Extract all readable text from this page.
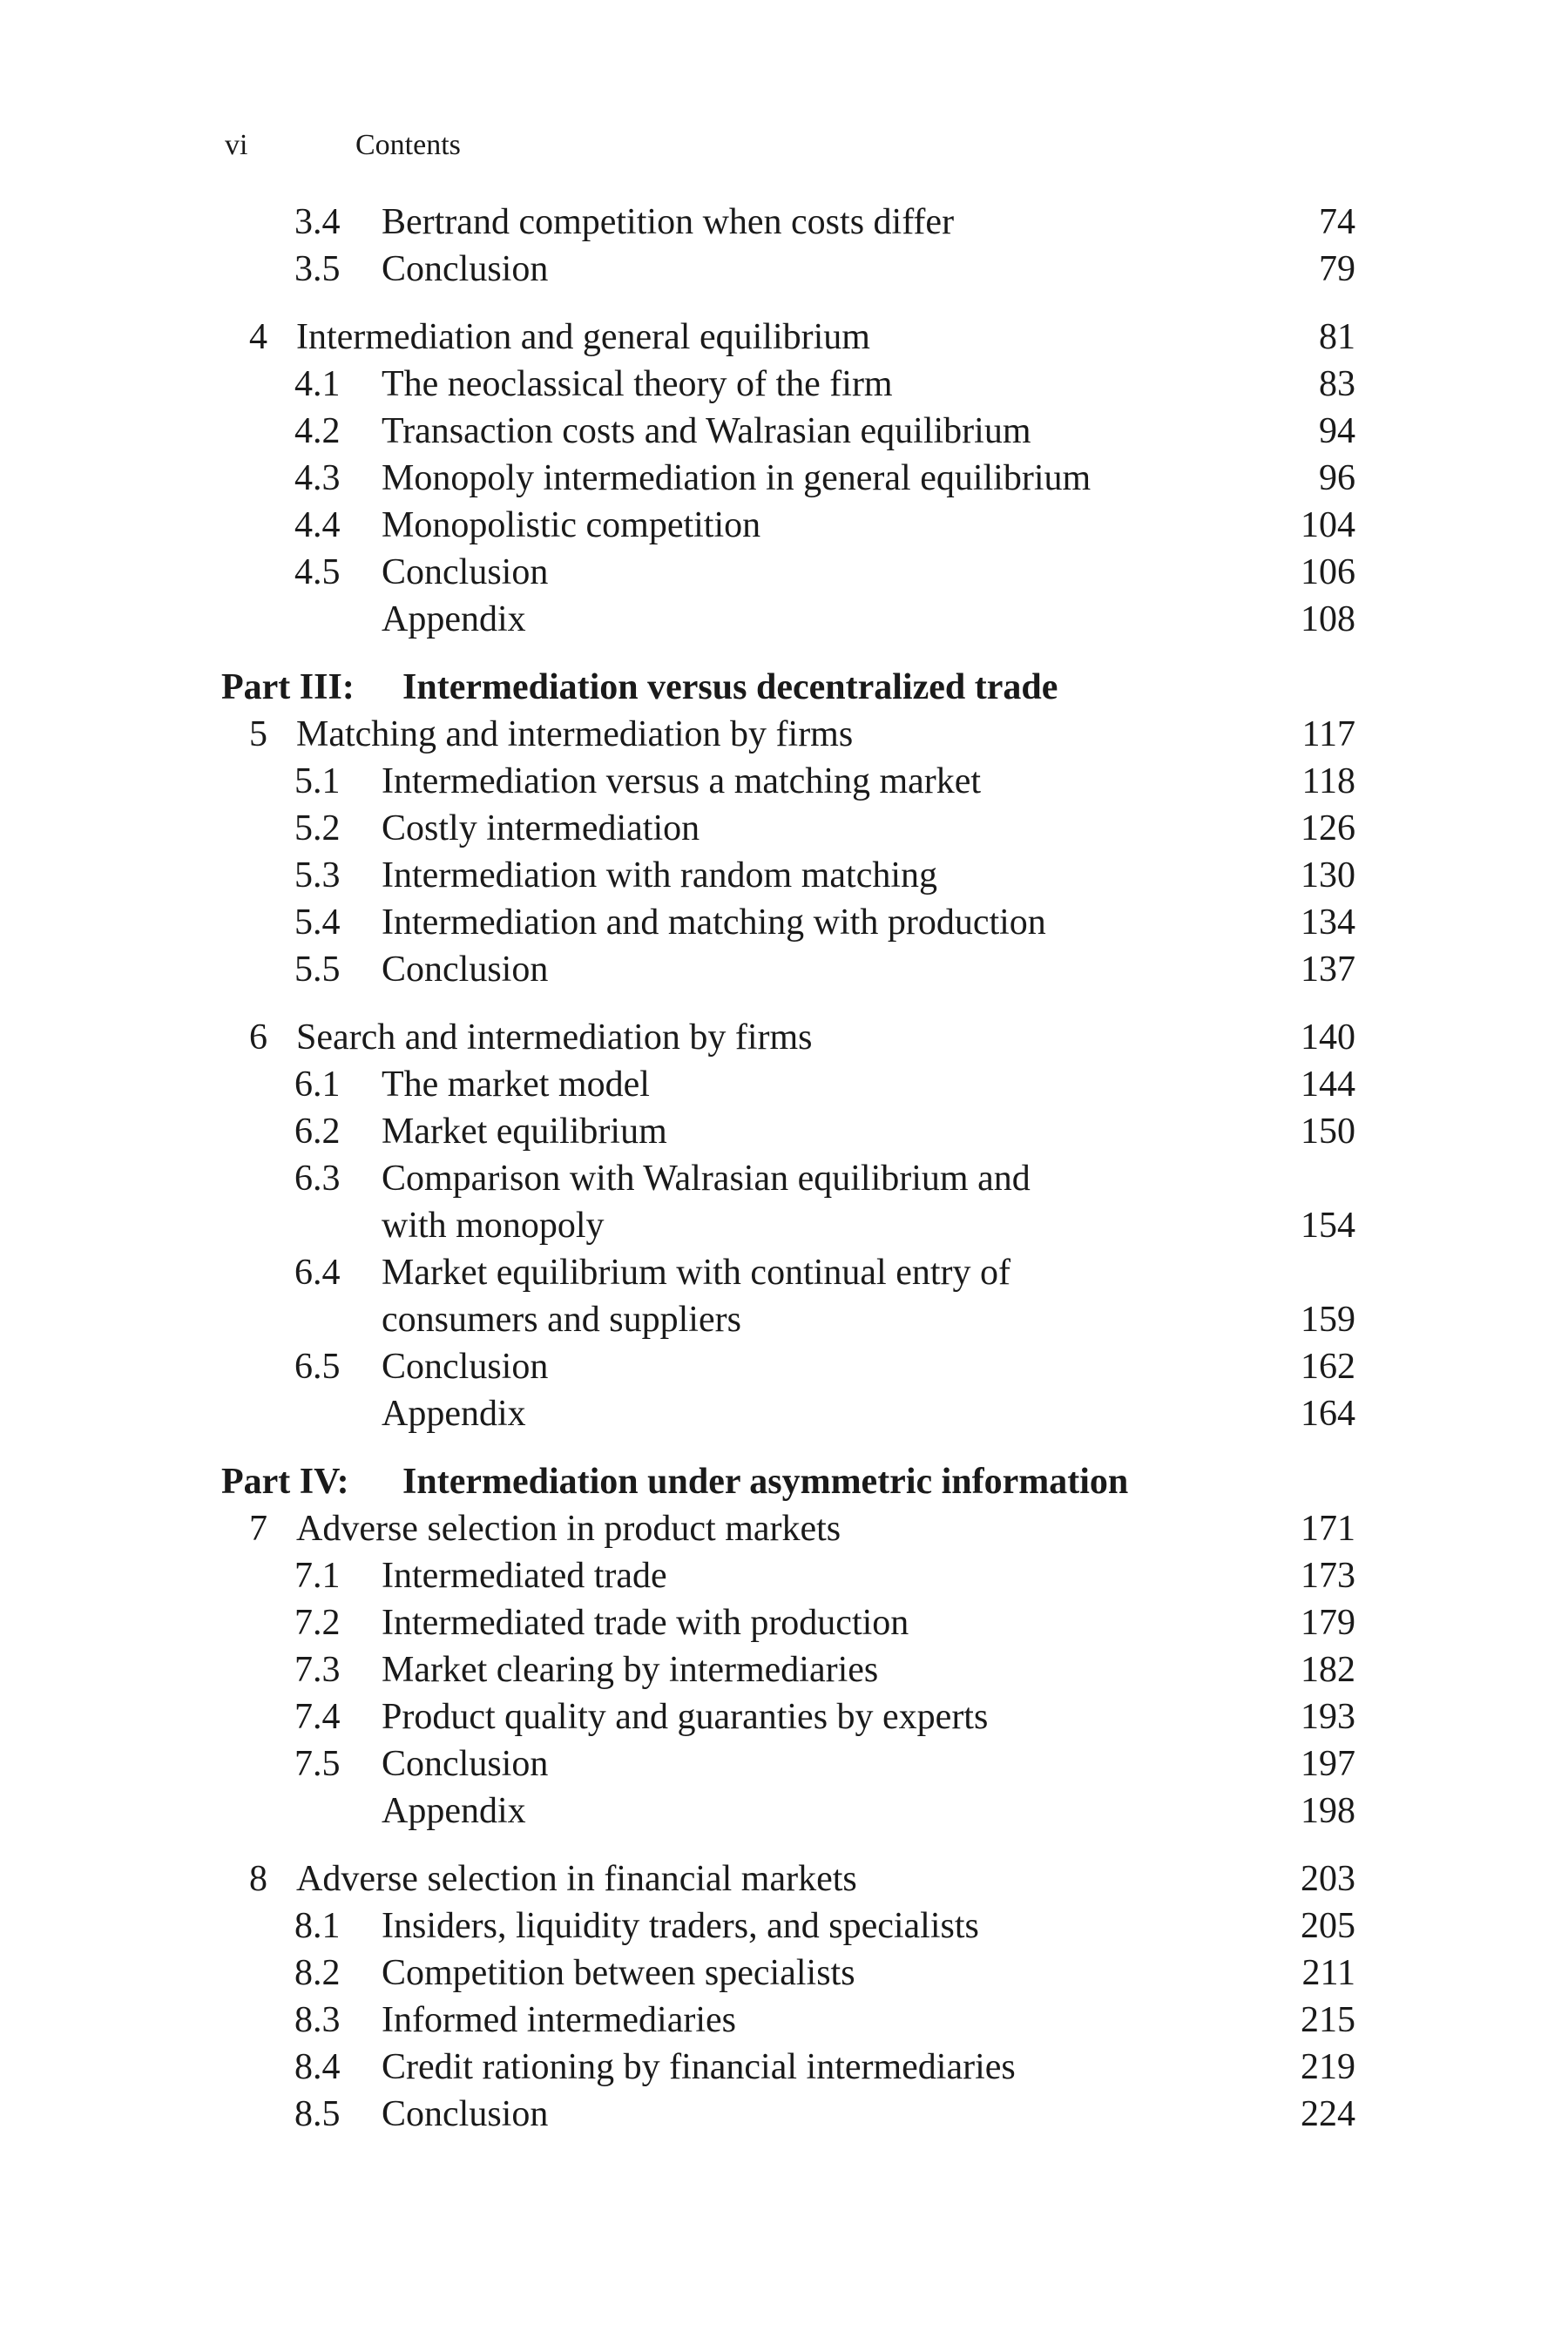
vi	Contents
3.4 Bertrand competition when costs differ	74
3.5 Conclusion	79
4 Intermediation and general equilibrium	81
4.1 The neoclassical theory of the firm	83
4.2 Transaction costs and Walrasian equilibrium	94
4.3 Monopoly intermediation in general equilibrium	96
4.4 Monopolistic competition	104
4.5 Conclusion	106
Appendix	108
Part III: Intermediation versus decentralized trade
5 Matching and intermediation by firms	117
5.1 Intermediation versus a matching market	118
5.2 Costly intermediation	126
5.3 Intermediation with random matching	130
5.4 Intermediation and matching with production	134
5.5 Conclusion	137
6 Search and intermediation by firms	140
6.1 The market model	144
6.2 Market equilibrium	150
6.3 Comparison with Walrasian equilibrium and
with monopoly	154
6.4 Market equilibrium with continual entry of
consumers and suppliers	159
6.5 Conclusion	162
Appendix	164
Part IV: Intermediation under asymmetric information
7 Adverse selection in product markets	171
7.1 Intermediated trade	173
7.2 Intermediated trade with production	179
7.3 Market clearing by intermediaries	182
7.4 Product quality and guaranties by experts	193
7.5 Conclusion	197
Appendix	198
8 Adverse selection in financial markets	203
8.1 Insiders, liquidity traders, and specialists	205
8.2 Competition between specialists	211
8.3 Informed intermediaries	215
8.4 Credit rationing by financial intermediaries	219
8.5 Conclusion	224
